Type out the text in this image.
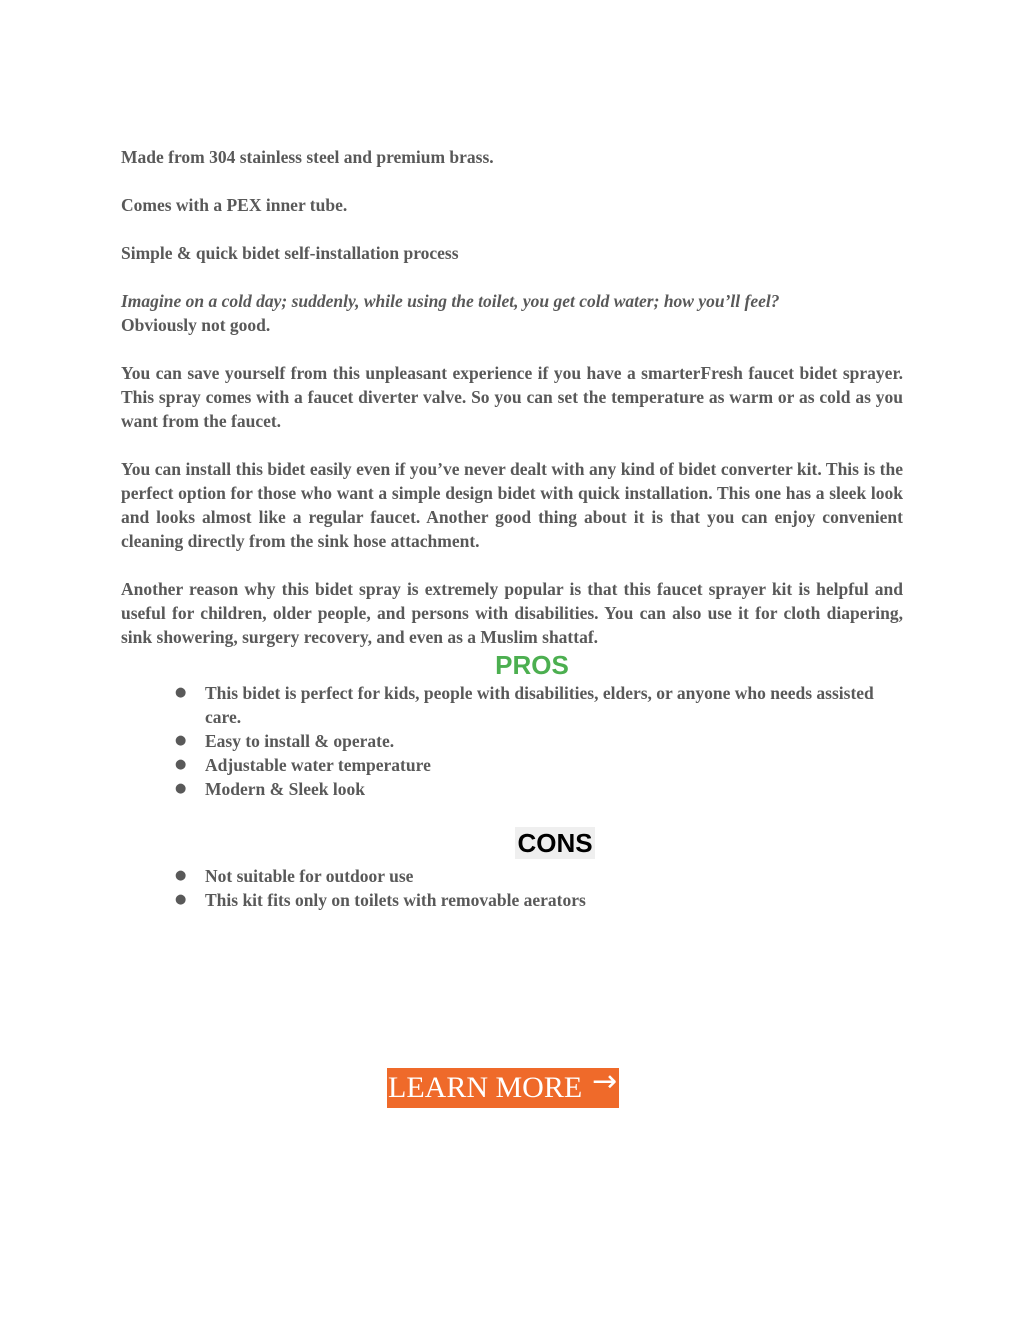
Made from 304 stainless steel and premium brass.

Comes with a PEX inner tube.

Simple & quick bidet self-installation process

Imagine on a cold day; suddenly, while using the toilet, you get cold water; how you’ll feel?
Obviously not good.

You can save yourself from this unpleasant experience if you have a smarterFresh faucet bidet sprayer. This spray comes with a faucet diverter valve. So you can set the temperature as warm or as cold as you want from the faucet.

You can install this bidet easily even if you’ve never dealt with any kind of bidet converter kit. This is the perfect option for those who want a simple design bidet with quick installation. This one has a sleek look and looks almost like a regular faucet. Another good thing about it is that you can enjoy convenient cleaning directly from the sink hose attachment.

Another reason why this bidet spray is extremely popular is that this faucet sprayer kit is helpful and useful for children, older people, and persons with disabilities. You can also use it for cloth diapering, sink showering, surgery recovery, and even as a Muslim shattaf.

PROS
● This bidet is perfect for kids, people with disabilities, elders, or anyone who needs assisted care.
● Easy to install & operate.
● Adjustable water temperature
● Modern & Sleek look
CONS
● Not suitable for outdoor use
● This kit fits only on toilets with removable aerators
LEARN MORE →
